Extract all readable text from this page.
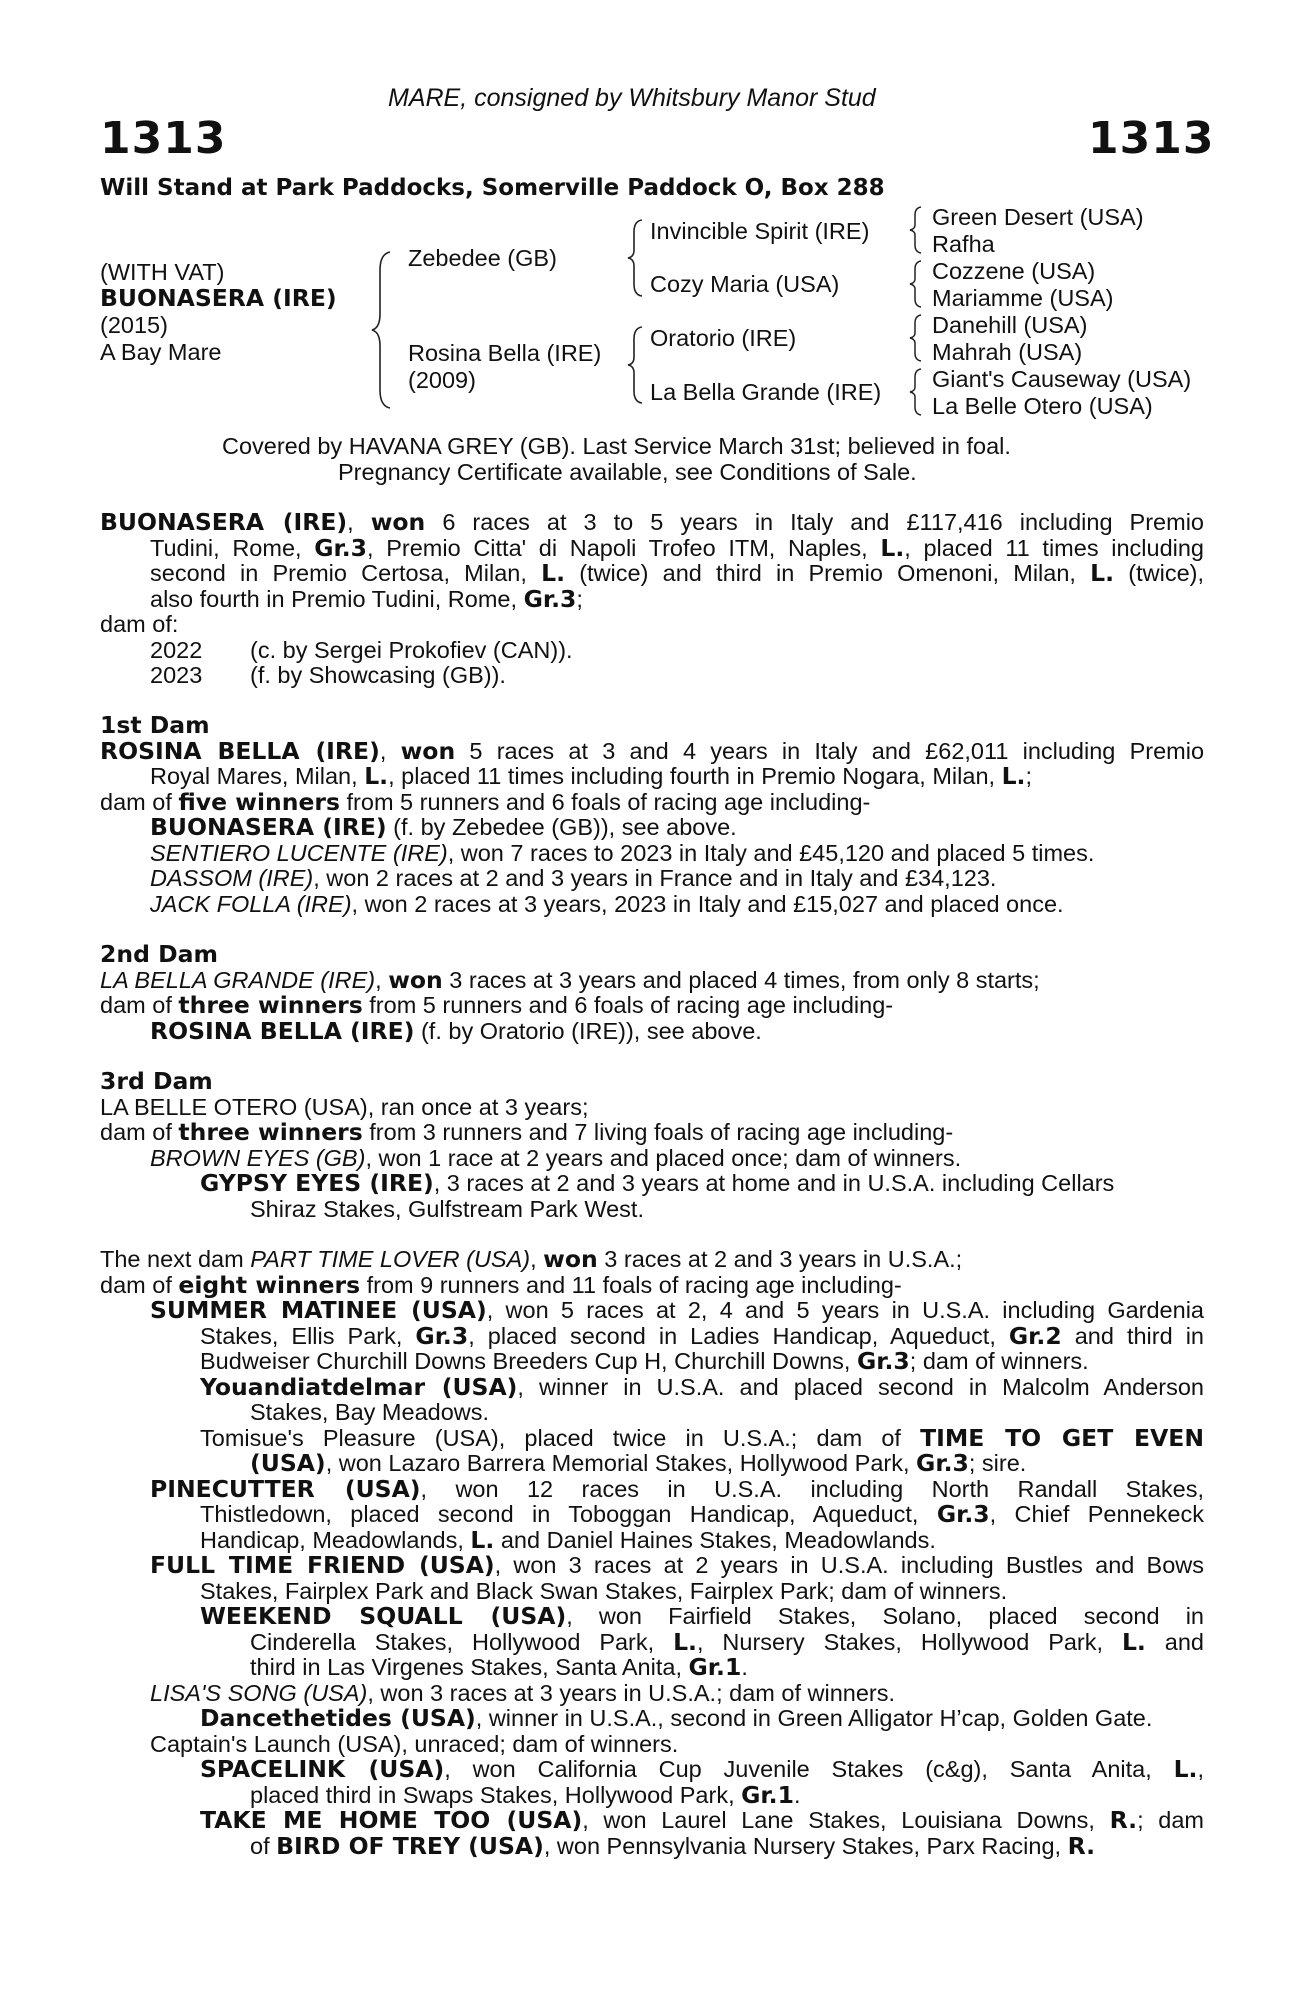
MARE, consigned by Whitsbury Manor Stud
1313	1313
Will Stand at Park Paddocks, Somerville Paddock O, Box 288
(WITH VAT)
BUONASERA (IRE)
(2015)
A Bay Mare
Zebedee (GB)
Rosina Bella (IRE)
(2009)
Invincible Spirit (IRE)
Cozy Maria (USA)
Oratorio (IRE)
La Bella Grande (IRE)
Green Desert (USA)
Rafha
Cozzene (USA)
Mariamme (USA)
Danehill (USA)
Mahrah (USA)
Giant's Causeway (USA)
La Belle Otero (USA)
Covered by HAVANA GREY (GB). Last Service March 31st; believed in foal.
Pregnancy Certificate available, see Conditions of Sale.
BUONASERA (IRE), won 6 races at 3 to 5 years in Italy and £117,416 including Premio
Tudini, Rome, Gr.3, Premio Citta' di Napoli Trofeo ITM, Naples, L., placed 11 times including
second in Premio Certosa, Milan, L. (twice) and third in Premio Omenoni, Milan, L. (twice),
also fourth in Premio Tudini, Rome, Gr.3;
dam of:
2022 (c. by Sergei Prokofiev (CAN)).
2023 (f. by Showcasing (GB)).
1st Dam
ROSINA BELLA (IRE), won 5 races at 3 and 4 years in Italy and £62,011 including Premio
Royal Mares, Milan, L., placed 11 times including fourth in Premio Nogara, Milan, L.;
dam of five winners from 5 runners and 6 foals of racing age including-
BUONASERA (IRE) (f. by Zebedee (GB)), see above.
SENTIERO LUCENTE (IRE), won 7 races to 2023 in Italy and £45,120 and placed 5 times.
DASSOM (IRE), won 2 races at 2 and 3 years in France and in Italy and £34,123.
JACK FOLLA (IRE), won 2 races at 3 years, 2023 in Italy and £15,027 and placed once.
2nd Dam
LA BELLA GRANDE (IRE), won 3 races at 3 years and placed 4 times, from only 8 starts;
dam of three winners from 5 runners and 6 foals of racing age including-
ROSINA BELLA (IRE) (f. by Oratorio (IRE)), see above.
3rd Dam
LA BELLE OTERO (USA), ran once at 3 years;
dam of three winners from 3 runners and 7 living foals of racing age including-
BROWN EYES (GB), won 1 race at 2 years and placed once; dam of winners.
GYPSY EYES (IRE), 3 races at 2 and 3 years at home and in U.S.A. including Cellars
Shiraz Stakes, Gulfstream Park West.
The next dam PART TIME LOVER (USA), won 3 races at 2 and 3 years in U.S.A.;
dam of eight winners from 9 runners and 11 foals of racing age including-
SUMMER MATINEE (USA), won 5 races at 2, 4 and 5 years in U.S.A. including Gardenia
Stakes, Ellis Park, Gr.3, placed second in Ladies Handicap, Aqueduct, Gr.2 and third in
Budweiser Churchill Downs Breeders Cup H, Churchill Downs, Gr.3; dam of winners.
Youandiatdelmar (USA), winner in U.S.A. and placed second in Malcolm Anderson
Stakes, Bay Meadows.
Tomisue's Pleasure (USA), placed twice in U.S.A.; dam of TIME TO GET EVEN
(USA), won Lazaro Barrera Memorial Stakes, Hollywood Park, Gr.3; sire.
PINECUTTER (USA), won 12 races in U.S.A. including North Randall Stakes,
Thistledown, placed second in Toboggan Handicap, Aqueduct, Gr.3, Chief Pennekeck
Handicap, Meadowlands, L. and Daniel Haines Stakes, Meadowlands.
FULL TIME FRIEND (USA), won 3 races at 2 years in U.S.A. including Bustles and Bows
Stakes, Fairplex Park and Black Swan Stakes, Fairplex Park; dam of winners.
WEEKEND SQUALL (USA), won Fairfield Stakes, Solano, placed second in
Cinderella Stakes, Hollywood Park, L., Nursery Stakes, Hollywood Park, L. and
third in Las Virgenes Stakes, Santa Anita, Gr.1.
LISA'S SONG (USA), won 3 races at 3 years in U.S.A.; dam of winners.
Dancethetides (USA), winner in U.S.A., second in Green Alligator H’cap, Golden Gate.
Captain's Launch (USA), unraced; dam of winners.
SPACELINK (USA), won California Cup Juvenile Stakes (c&g), Santa Anita, L.,
placed third in Swaps Stakes, Hollywood Park, Gr.1.
TAKE ME HOME TOO (USA), won Laurel Lane Stakes, Louisiana Downs, R.; dam
of BIRD OF TREY (USA), won Pennsylvania Nursery Stakes, Parx Racing, R.
